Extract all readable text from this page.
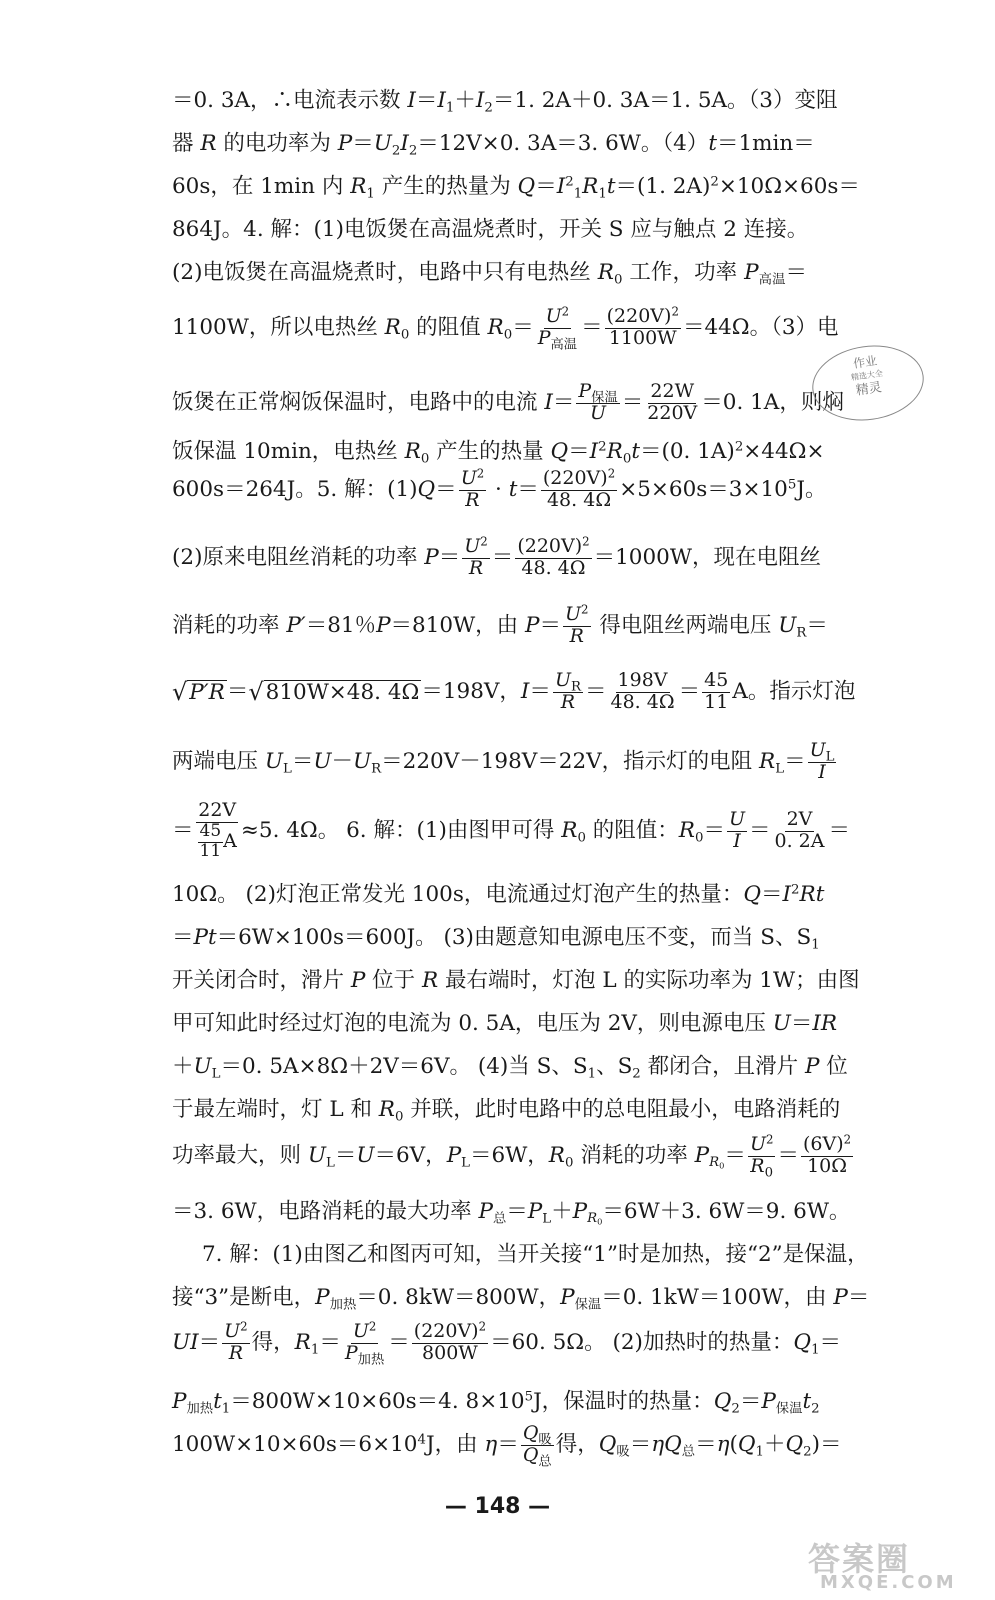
＝0. 3A，∴电流表示数 $I=I_1+I_2=1$. 2A＋0. 3A＝1. 5A。（3）变阻
器 R 的电功率为 $P=U_2I_2=12V\times 0$. 3A＝3. 6W。（4）t＝1min＝
60s，在 1min 内 $R_1$ 产生的热量为 $Q=I^2_1R_1t=(1$. 2A)$^2$×10Ω×60s＝
864J。4. 解：(1)电饭煲在高温烧煮时，开关 S 应与触点 2 连接。
(2)电饭煲在高温烧煮时，电路中只有电热丝 $R_0$ 工作，功率 $P_{高温}=$
1100W，所以电热丝 $R_0$ 的阻值 $R_0= U^2$
$P_{高温}$
＝ $\frac{(220V)^2}{1100W} =44\Omega$。（3）电
饭煲在正常焖饭保温时，电路中的电流 $I= P_{保温}$
$U = \frac{22W}{220V} =0$. 1A，则焖
饭保温 10min，电热丝 $R_0$ 产生的热量 $Q=I^2R_0t=(0$. 1A)$^2$×44Ω×
600s＝264J。5. 解：$(1)Q= \frac{U^2}{R} \cdot t= \frac{(220V)^2}{48. 4\Omega} \times 5\times 60s=3\times 10^5J$。
(2)原来电阻丝消耗的功率 $P= \frac{U^2}{R} = \frac{(220V)^2}{48. 4\Omega} =1000W$，现在电阻丝
消耗的功率 P′＝81％P＝810W，由 $P= \frac{U^2}{R}$ 得电阻丝两端电压 $U_R=$
√ P′R ＝ √ 810W×48. 4Ω ＝198V，$I= \frac{U_R}{R} = \frac{198V}{48. 4\Omega} = \frac{45}{11}$ A。指示灯泡
两端电压 $U_L=U-U_R=220V-198V=22V$，指示灯的电阻 $R_L= \frac{U_L}{I}$
＝ $\frac{22V}{\frac{45}{11} A} \approx 5$. 4Ω。 6. 解：(1)由图甲可得 $R_0$ 的阻值：$R_0= \frac{U}{I} = \frac{2V}{0. 2A}$ ＝
10Ω。 (2)灯泡正常发光 100s，电流通过灯泡产生的热量：$Q=I^2Rt$
＝Pt＝6W×100s＝600J。 (3)由题意知电源电压不变，而当 S、$S_1$
开关闭合时，滑片 P 位于 R 最右端时，灯泡 L 的实际功率为 1W；由图
甲可知此时经过灯泡的电流为 0. 5A，电压为 2V，则电源电压 U＝IR
$+U_L=0$. 5A×8Ω＋2V＝6V。 (4)当 S、$S_1$、$S_2$ 都闭合，且滑片 P 位
于最左端时，灯 L 和 $R_0$ 并联，此时电路中的总电阻最小，电路消耗的
功率最大，则 $U_L=U=6V$，$P_L=6W$，$R_0$ 消耗的功率 $P_{R_0}= \frac{U^2}{R_0} = \frac{(6V)^2}{10\Omega}$
＝3. 6W，电路消耗的最大功率 $P_总=P_L+P_{R_0}=6W+3$. 6W＝9. 6W。
7. 解：(1)由图乙和图丙可知，当开关接“1”时是加热，接“2”是保温，
接“3”是断电，$P_{加热}=0$. 8kW＝800W，$P_{保温}=0$. 1kW＝100W，由 P＝
$UI= \frac{U^2}{R}$ 得，$R_1= U^2$
$P_{加热}$
＝ $\frac{(220V)^2}{800W} =60$. 5Ω。 (2)加热时的热量：$Q_1=$
$P_{加热}t_1=800W\times 10\times 60s=4$. $8\times 10^5J$，保温时的热量：$Q_2=P_{保温}t_2$
$100W\times 10\times 60s=6\times 10^4J$，由 $\eta= Q_吸$
$Q_总$
得，$Q_吸=\eta Q_总=\eta(Q_1+Q_2)=$
— 148 —
作业
精选大全
精灵
答案圈
MXQE.COM
